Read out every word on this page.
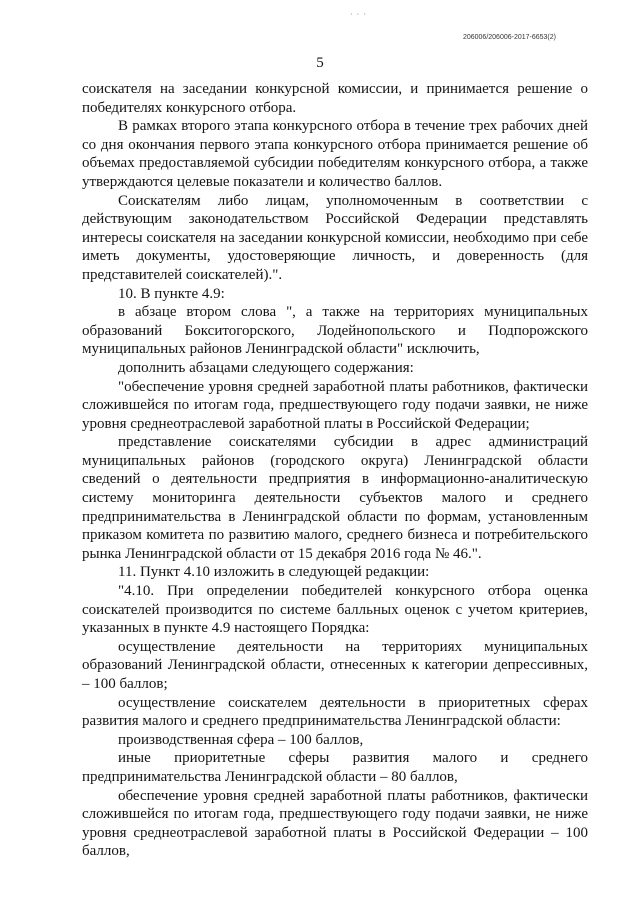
· · ·
206006/206006-2017-6653(2)
5

соискателя на заседании конкурсной комиссии, и принимается решение о победителях конкурсного отбора.

В рамках второго этапа конкурсного отбора в течение трех рабочих дней со дня окончания первого этапа конкурсного отбора принимается решение об объемах предоставляемой субсидии победителям конкурсного отбора, а также утверждаются целевые показатели и количество баллов.

Соискателям либо лицам, уполномоченным в соответствии с действующим законодательством Российской Федерации представлять интересы соискателя на заседании конкурсной комиссии, необходимо при себе иметь документы, удостоверяющие личность, и доверенность (для представителей соискателей).".

10. В пункте 4.9:

в абзаце втором слова ", а также на территориях муниципальных образований Бокситогорского, Лодейнопольского и Подпорожского муниципальных районов Ленинградской области" исключить,

дополнить абзацами следующего содержания:

"обеспечение уровня средней заработной платы работников, фактически сложившейся по итогам года, предшествующего году подачи заявки, не ниже уровня среднеотраслевой заработной платы в Российской Федерации;

представление соискателями субсидии в адрес администраций муниципальных районов (городского округа) Ленинградской области сведений о деятельности предприятия в информационно-аналитическую систему мониторинга деятельности субъектов малого и среднего предпринимательства в Ленинградской области по формам, установленным приказом комитета по развитию малого, среднего бизнеса и потребительского рынка Ленинградской области от 15 декабря 2016 года № 46.".

11. Пункт 4.10 изложить в следующей редакции:

"4.10. При определении победителей конкурсного отбора оценка соискателей производится по системе балльных оценок с учетом критериев, указанных в пункте 4.9 настоящего Порядка:

осуществление деятельности на территориях муниципальных образований Ленинградской области, отнесенных к категории депрессивных, – 100 баллов;

осуществление соискателем деятельности в приоритетных сферах развития малого и среднего предпринимательства Ленинградской области:

производственная сфера – 100 баллов,

иные приоритетные сферы развития малого и среднего предпринимательства Ленинградской области – 80 баллов,

обеспечение уровня средней заработной платы работников, фактически сложившейся по итогам года, предшествующего году подачи заявки, не ниже уровня среднеотраслевой заработной платы в Российской Федерации – 100 баллов,
